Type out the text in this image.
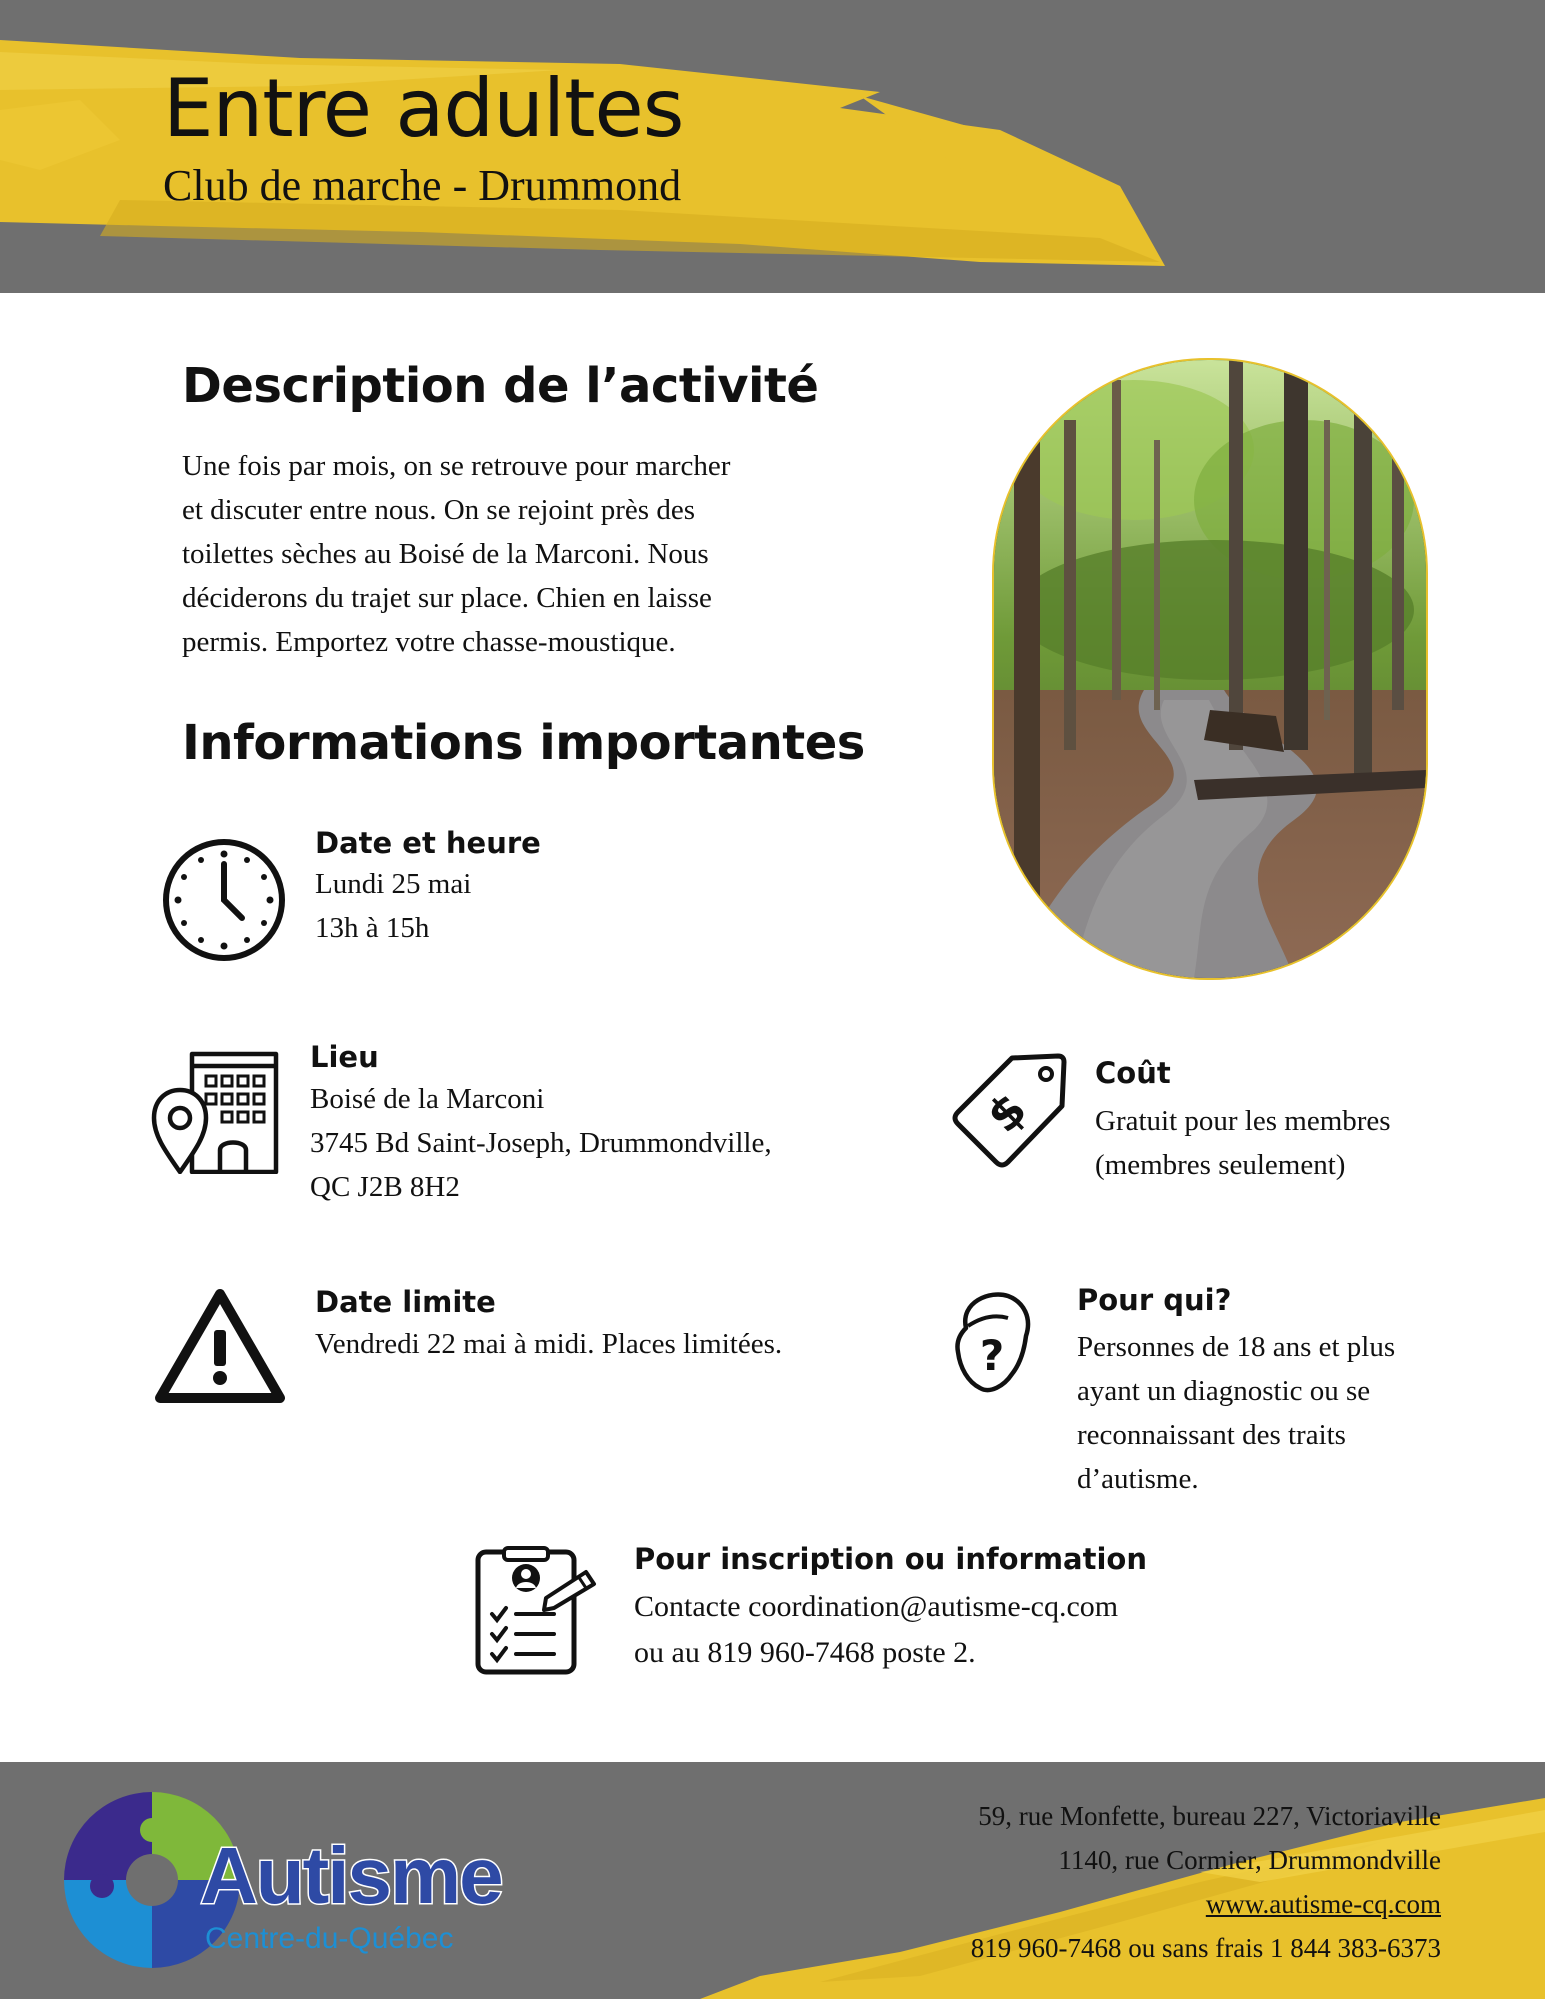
Entre adultes
Club de marche - Drummond
Description de l’activité
Une fois par mois, on se retrouve pour marcher
et discuter entre nous. On se rejoint près des
toilettes sèches au Boisé de la Marconi. Nous
déciderons du trajet sur place. Chien en laisse
permis. Emportez votre chasse-moustique.
Informations importantes
Date et heure
Lundi 25 mai
13h à 15h
Lieu
Boisé de la Marconi
3745 Bd Saint-Joseph, Drummondville,
QC J2B 8H2
$
Coût
Gratuit pour les membres
(membres seulement)
Date limite
Vendredi 22 mai à midi. Places limitées.	?
Pour qui?
Personnes de 18 ans et plus
ayant un diagnostic ou se
reconnaissant des traits
d’autisme.
Pour inscription ou information
Contacte coordination@autisme-cq.com
ou au 819 960-7468 poste 2.
Autisme
Centre-du-Québec
59, rue Monfette, bureau 227, Victoriaville
1140, rue Cormier, Drummondville
www.autisme-cq.com
819 960-7468 ou sans frais 1 844 383-6373
